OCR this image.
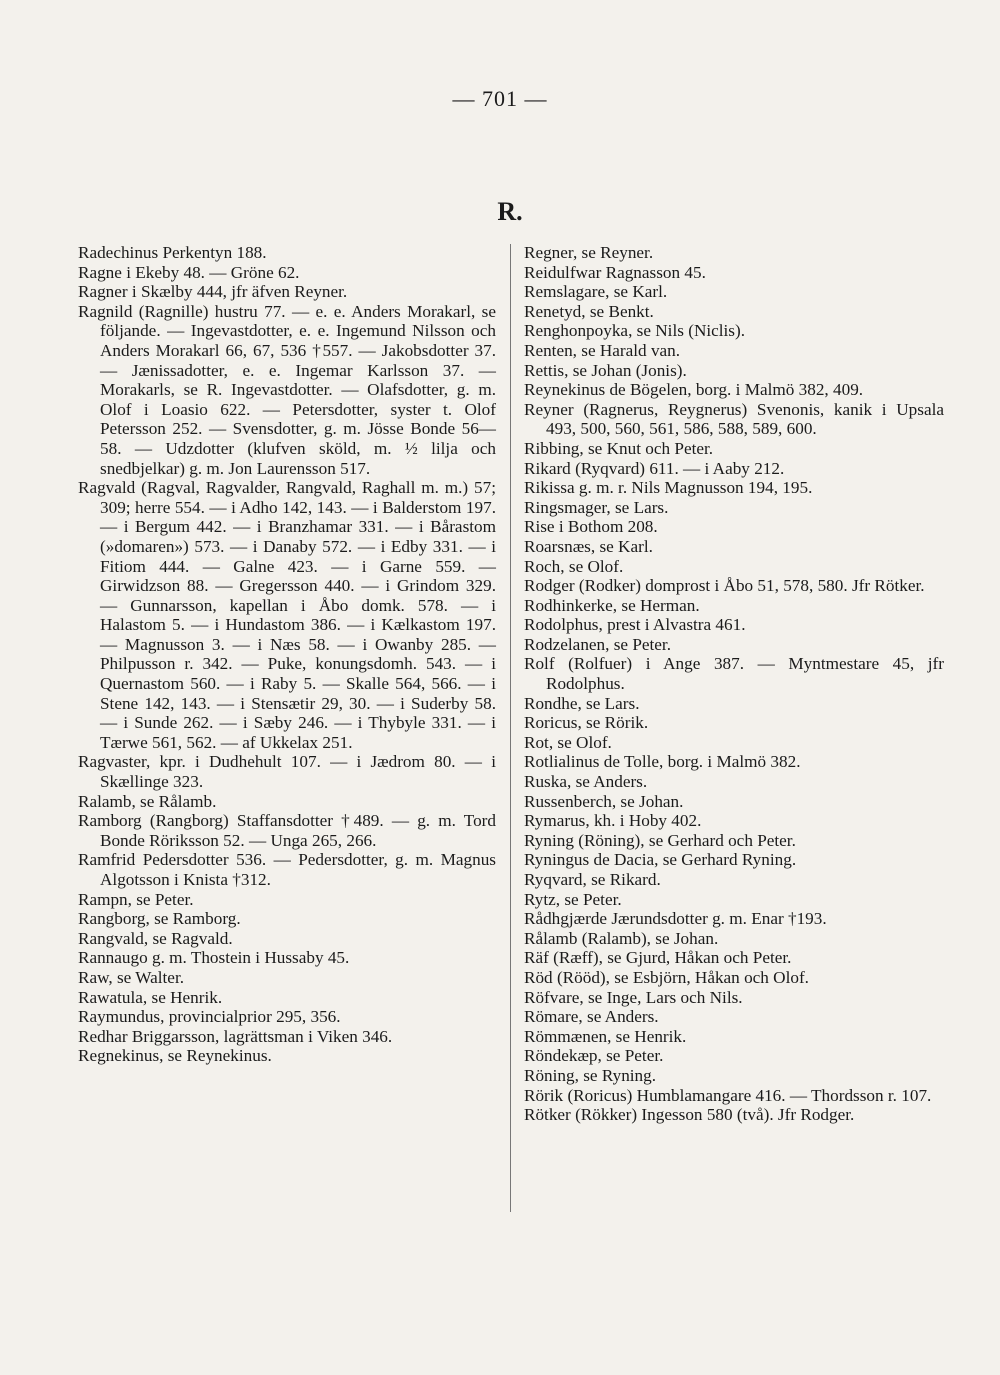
— 701 —
R.
Radechinus Perkentyn 188.
Ragne i Ekeby 48. — Gröne 62.
Ragner i Skælby 444, jfr äfven Reyner.
Ragnild (Ragnille) hustru 77. — e. e. Anders Morakarl, se följande. — Ingevastdotter, e. e. Ingemund Nilsson och Anders Morakarl 66, 67, 536 †557. — Jakobsdotter 37. — Jænissadotter, e. e. Ingemar Karlsson 37. — Morakarls, se R. Ingevastdotter. — Olafsdotter, g. m. Olof i Loasio 622. — Petersdotter, syster t. Olof Petersson 252. — Svensdotter, g. m. Jösse Bonde 56—58. — Udzdotter (klufven sköld, m. ½ lilja och snedbjelkar) g. m. Jon Laurensson 517.
Ragvald (Ragval, Ragvalder, Rangvald, Raghall m. m.) 57; 309; herre 554. — i Adho 142, 143. — i Balderstom 197. — i Bergum 442. — i Branzhamar 331. — i Bårastom (»domaren») 573. — i Danaby 572. — i Edby 331. — i Fitiom 444. — Galne 423. — i Garne 559. — Girwidzson 88. — Gregersson 440. — i Grindom 329. — Gunnarsson, kapellan i Åbo domk. 578. — i Halastom 5. — i Hundastom 386. — i Kælkastom 197. — Magnusson 3. — i Næs 58. — i Owanby 285. — Philpusson r. 342. — Puke, konungsdomh. 543. — i Quernastom 560. — i Raby 5. — Skalle 564, 566. — i Stene 142, 143. — i Stensætir 29, 30. — i Suderby 58. — i Sunde 262. — i Sæby 246. — i Thybyle 331. — i Tærwe 561, 562. — af Ukkelax 251.
Ragvaster, kpr. i Dudhehult 107. — i Jædrom 80. — i Skællinge 323.
Ralamb, se Rålamb.
Ramborg (Rangborg) Staffansdotter †489. — g. m. Tord Bonde Röriksson 52. — Unga 265, 266.
Ramfrid Pedersdotter 536. — Pedersdotter, g. m. Magnus Algotsson i Knista †312.
Rampn, se Peter.
Rangborg, se Ramborg.
Rangvald, se Ragvald.
Rannaugo g. m. Thostein i Hussaby 45.
Raw, se Walter.
Rawatula, se Henrik.
Raymundus, provincialprior 295, 356.
Redhar Briggarsson, lagrättsman i Viken 346.
Regnekinus, se Reynekinus.
Regner, se Reyner.
Reidulfwar Ragnasson 45.
Remslagare, se Karl.
Renetyd, se Benkt.
Renghonpoyka, se Nils (Niclis).
Renten, se Harald van.
Rettis, se Johan (Jonis).
Reynekinus de Bögelen, borg. i Malmö 382, 409.
Reyner (Ragnerus, Reygnerus) Svenonis, kanik i Upsala 493, 500, 560, 561, 586, 588, 589, 600.
Ribbing, se Knut och Peter.
Rikard (Ryqvard) 611. — i Aaby 212.
Rikissa g. m. r. Nils Magnusson 194, 195.
Ringsmager, se Lars.
Rise i Bothom 208.
Roarsnæs, se Karl.
Roch, se Olof.
Rodger (Rodker) domprost i Åbo 51, 578, 580. Jfr Rötker.
Rodhinkerke, se Herman.
Rodolphus, prest i Alvastra 461.
Rodzelanen, se Peter.
Rolf (Rolfuer) i Ange 387. — Myntmestare 45, jfr Rodolphus.
Rondhe, se Lars.
Roricus, se Rörik.
Rot, se Olof.
Rotlialinus de Tolle, borg. i Malmö 382.
Ruska, se Anders.
Russenberch, se Johan.
Rymarus, kh. i Hoby 402.
Ryning (Röning), se Gerhard och Peter.
Ryningus de Dacia, se Gerhard Ryning.
Ryqvard, se Rikard.
Rytz, se Peter.
Rådhgjærde Jærundsdotter g. m. Enar †193.
Rålamb (Ralamb), se Johan.
Räf (Ræff), se Gjurd, Håkan och Peter.
Röd (Rööd), se Esbjörn, Håkan och Olof.
Röfvare, se Inge, Lars och Nils.
Römare, se Anders.
Römmænen, se Henrik.
Röndekæp, se Peter.
Röning, se Ryning.
Rörik (Roricus) Humblamangare 416. — Thordsson r. 107.
Rötker (Rökker) Ingesson 580 (två). Jfr Rodger.
